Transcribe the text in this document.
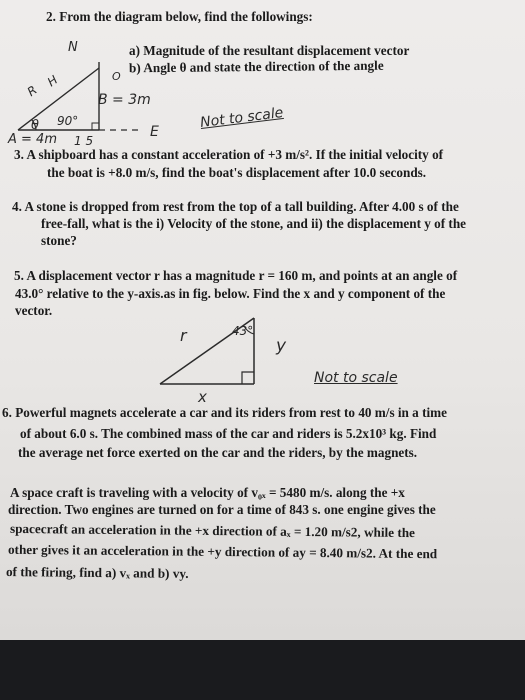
2. From the diagram below, find the followings:
a) Magnitude of the resultant displacement vector
b) Angle θ and state the direction of the angle
N
R
H	O
B = 3m
θ 90°
E
A = 4m 1 5
Not to scale
3. A shipboard has a constant acceleration of +3 m/s². If the initial velocity of
the boat is +8.0 m/s, find the boat's displacement after 10.0 seconds.
4. A stone is dropped from rest from the top of a tall building. After 4.00 s of the
free-fall, what is the i) Velocity of the stone, and ii) the displacement y of the
stone?
5. A displacement vector r has a magnitude r = 160 m, and points at an angle of
43.0° relative to the y-axis.as in fig. below. Find the x and y component of the
vector.
r	43°
y
x
Not to scale
6. Powerful magnets accelerate a car and its riders from rest to 40 m/s in a time
of about 6.0 s. The combined mass of the car and riders is 5.2x10³ kg. Find
the average net force exerted on the car and the riders, by the magnets.
A space craft is traveling with a velocity of v₀ₓ = 5480 m/s. along the +x
direction. Two engines are turned on for a time of 843 s. one engine gives the
spacecraft an acceleration in the +x direction of aₓ = 1.20 m/s2, while the
other gives it an acceleration in the +y direction of ay = 8.40 m/s2. At the end
of the firing, find a) vₓ and b) vy.
